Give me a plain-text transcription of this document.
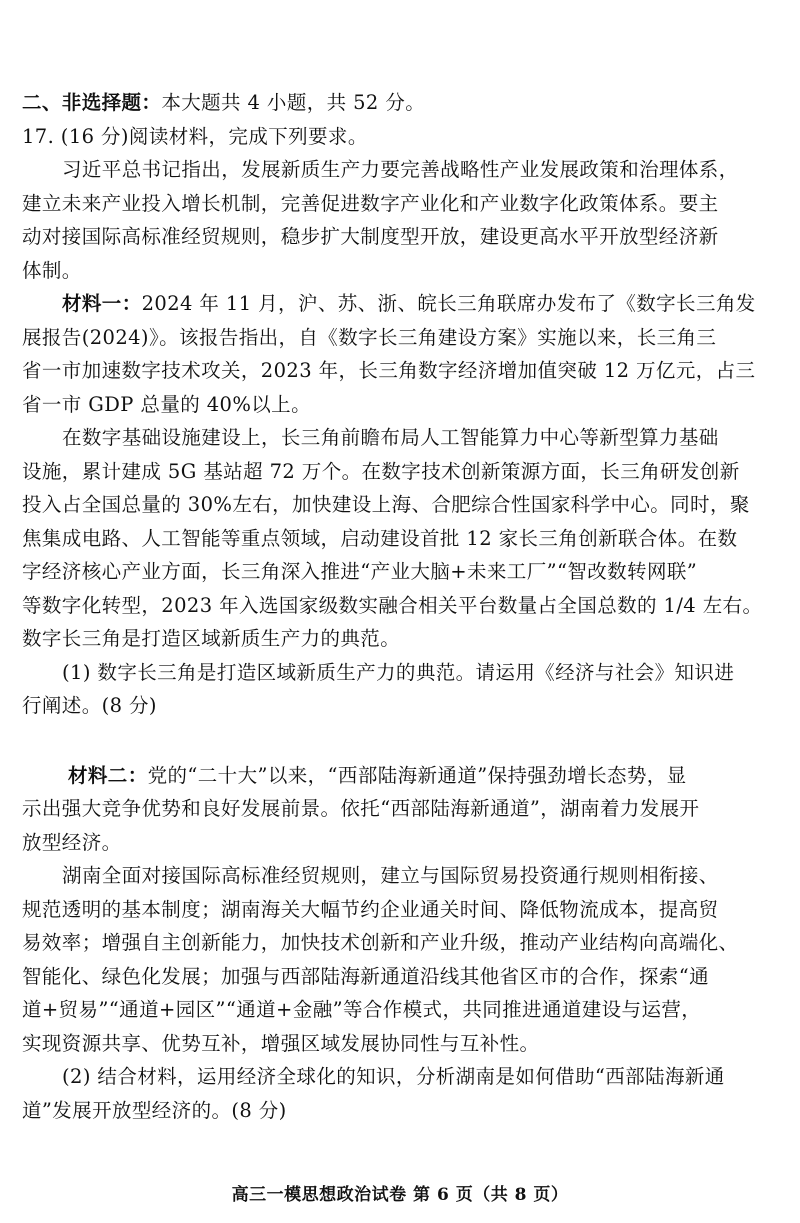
二、非选择题：本大题共 4 小题，共 52 分。
17. (16 分)阅读材料，完成下列要求。
习近平总书记指出，发展新质生产力要完善战略性产业发展政策和治理体系，
建立未来产业投入增长机制，完善促进数字产业化和产业数字化政策体系。要主
动对接国际高标准经贸规则，稳步扩大制度型开放，建设更高水平开放型经济新
体制。
材料一：2024 年 11 月，沪、苏、浙、皖长三角联席办发布了《数字长三角发
展报告(2024)》。该报告指出，自《数字长三角建设方案》实施以来，长三角三
省一市加速数字技术攻关，2023 年，长三角数字经济增加值突破 12 万亿元，占三
省一市 GDP 总量的 40%以上。
在数字基础设施建设上，长三角前瞻布局人工智能算力中心等新型算力基础
设施，累计建成 5G 基站超 72 万个。在数字技术创新策源方面，长三角研发创新
投入占全国总量的 30%左右，加快建设上海、合肥综合性国家科学中心。同时，聚
焦集成电路、人工智能等重点领域，启动建设首批 12 家长三角创新联合体。在数
字经济核心产业方面，长三角深入推进“产业大脑+未来工厂”“智改数转网联”
等数字化转型，2023 年入选国家级数实融合相关平台数量占全国总数的 1/4 左右。
数字长三角是打造区域新质生产力的典范。
(1) 数字长三角是打造区域新质生产力的典范。请运用《经济与社会》知识进
行阐述。(8 分)
材料二：党的“二十大”以来，“西部陆海新通道”保持强劲增长态势，显
示出强大竞争优势和良好发展前景。依托“西部陆海新通道”，湖南着力发展开
放型经济。
湖南全面对接国际高标准经贸规则，建立与国际贸易投资通行规则相衔接、
规范透明的基本制度；湖南海关大幅节约企业通关时间、降低物流成本，提高贸
易效率；增强自主创新能力，加快技术创新和产业升级，推动产业结构向高端化、
智能化、绿色化发展；加强与西部陆海新通道沿线其他省区市的合作，探索“通
道+贸易”“通道+园区”“通道+金融”等合作模式，共同推进通道建设与运营，
实现资源共享、优势互补，增强区域发展协同性与互补性。
(2) 结合材料，运用经济全球化的知识，分析湖南是如何借助“西部陆海新通
道”发展开放型经济的。(8 分)
高三一模思想政治试卷 第 6 页（共 8 页）
